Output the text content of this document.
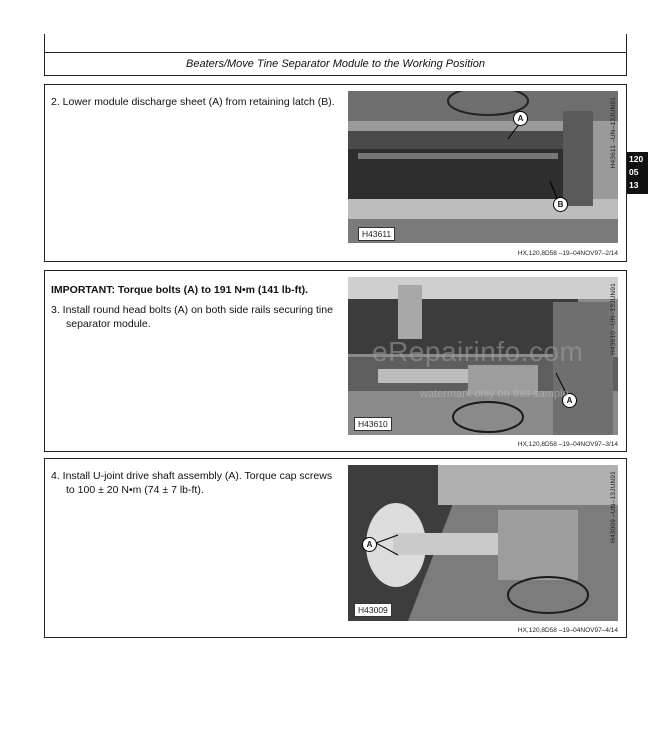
Beaters/Move Tine Separator Module to the Working Position
120
05
13

2. Lower module discharge sheet (A) from retaining latch (B).

A
B
H43611
H43611 –UN–13JUN91
HX,120,8D58 –19–04NOV97–2/14

IMPORTANT: Torque bolts (A) to 191 N•m (141 lb-ft).

3. Install round head bolts (A) on both side rails securing tine separator module.

A
H43610
H43610 –UN–13JUN91
HX,120,8D58 –19–04NOV97–3/14

4. Install U-joint drive shaft assembly (A). Torque cap screws to 100 ± 20 N•m (74 ± 7 lb-ft).

A
H43009
H43009 –UN–13JUN91
HX,120,8D58 –19–04NOV97–4/14
eRepairinfo.com
watermark only on this sample
